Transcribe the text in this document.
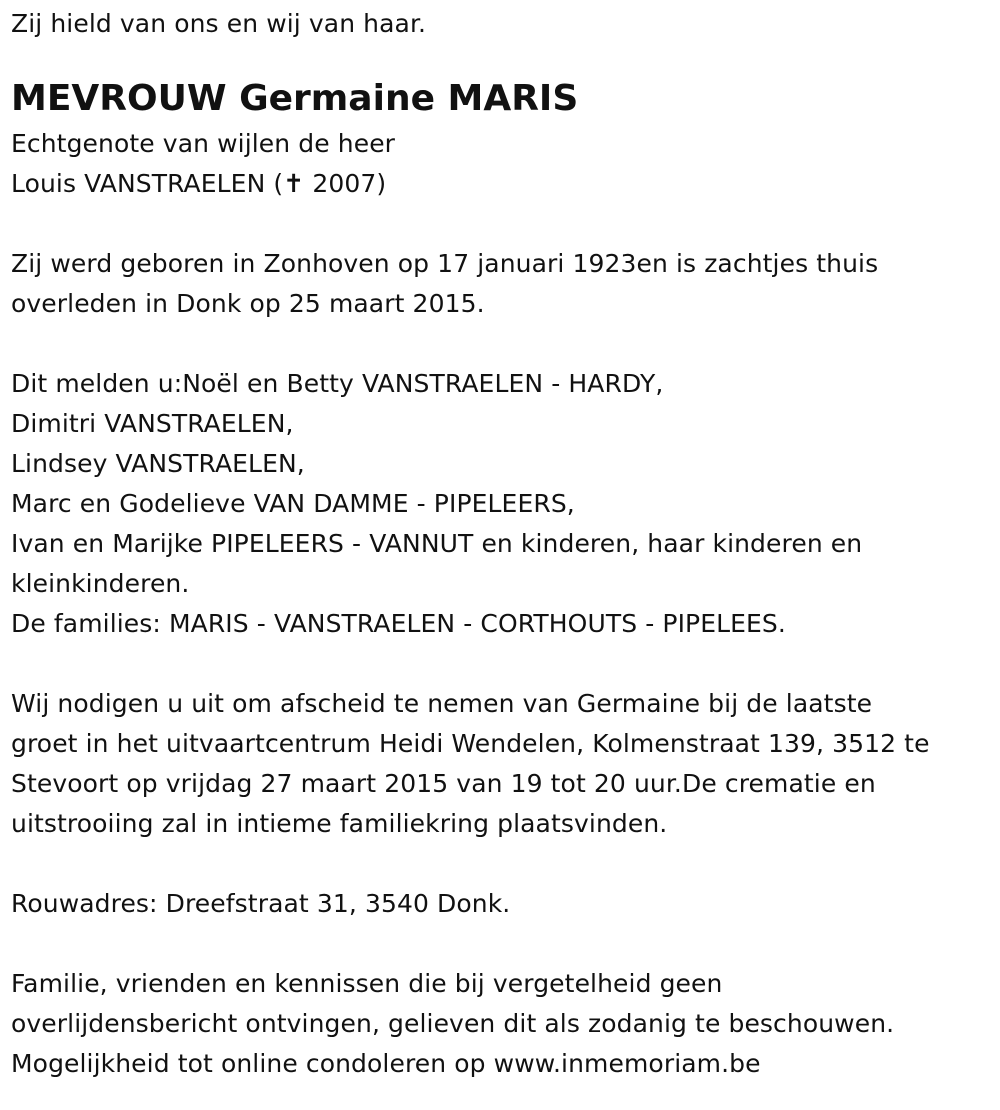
Zij hield van ons en wij van haar.
MEVROUW Germaine MARIS
Echtgenote van wijlen de heer
Louis VANSTRAELEN (✝ 2007)
Zij werd geboren in Zonhoven op 17 januari 1923en is zachtjes thuis
overleden in Donk op 25 maart 2015.
Dit melden u:Noël en Betty VANSTRAELEN - HARDY,
Dimitri VANSTRAELEN,
Lindsey VANSTRAELEN,
Marc en Godelieve VAN DAMME - PIPELEERS,
Ivan en Marijke PIPELEERS - VANNUT en kinderen, haar kinderen en
kleinkinderen.
De families: MARIS - VANSTRAELEN - CORTHOUTS - PIPELEES.
Wij nodigen u uit om afscheid te nemen van Germaine bij de laatste
groet in het uitvaartcentrum Heidi Wendelen, Kolmenstraat 139, 3512 te
Stevoort op vrijdag 27 maart 2015 van 19 tot 20 uur.De crematie en
uitstrooiing zal in intieme familiekring plaatsvinden.
Rouwadres: Dreefstraat 31, 3540 Donk.
Familie, vrienden en kennissen die bij vergetelheid geen
overlijdensbericht ontvingen, gelieven dit als zodanig te beschouwen.
Mogelijkheid tot online condoleren op www.inmemoriam.be
